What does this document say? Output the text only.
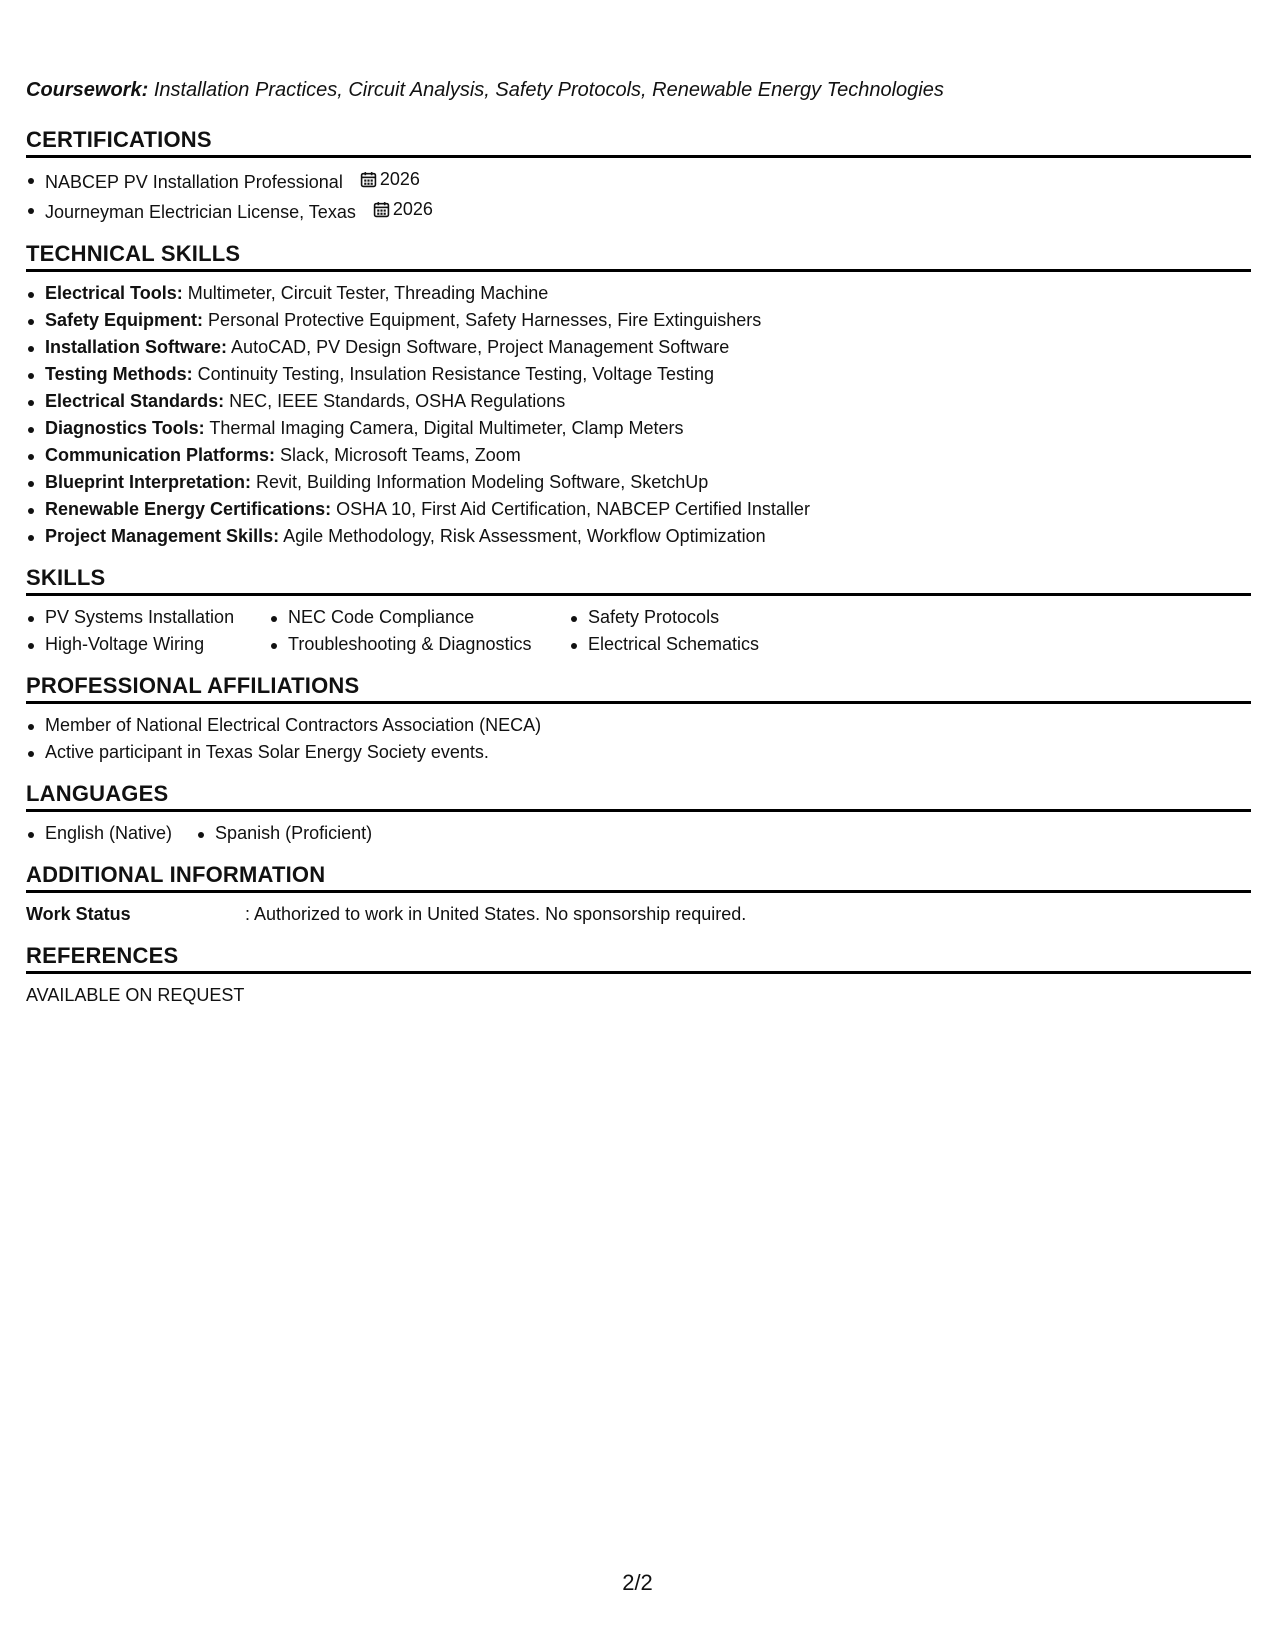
Coursework: Installation Practices, Circuit Analysis, Safety Protocols, Renewable Energy Technologies
CERTIFICATIONS
NABCEP PV Installation Professional 2026
Journeyman Electrician License, Texas 2026
TECHNICAL SKILLS
Electrical Tools: Multimeter, Circuit Tester, Threading Machine
Safety Equipment: Personal Protective Equipment, Safety Harnesses, Fire Extinguishers
Installation Software: AutoCAD, PV Design Software, Project Management Software
Testing Methods: Continuity Testing, Insulation Resistance Testing, Voltage Testing
Electrical Standards: NEC, IEEE Standards, OSHA Regulations
Diagnostics Tools: Thermal Imaging Camera, Digital Multimeter, Clamp Meters
Communication Platforms: Slack, Microsoft Teams, Zoom
Blueprint Interpretation: Revit, Building Information Modeling Software, SketchUp
Renewable Energy Certifications: OSHA 10, First Aid Certification, NABCEP Certified Installer
Project Management Skills: Agile Methodology, Risk Assessment, Workflow Optimization
SKILLS
PV Systems Installation
High-Voltage Wiring
NEC Code Compliance
Troubleshooting & Diagnostics
Safety Protocols
Electrical Schematics
PROFESSIONAL AFFILIATIONS
Member of National Electrical Contractors Association (NECA)
Active participant in Texas Solar Energy Society events.
LANGUAGES
English (Native)	Spanish (Proficient)
ADDITIONAL INFORMATION
Work Status	: Authorized to work in United States. No sponsorship required.
REFERENCES
AVAILABLE ON REQUEST
2/2
